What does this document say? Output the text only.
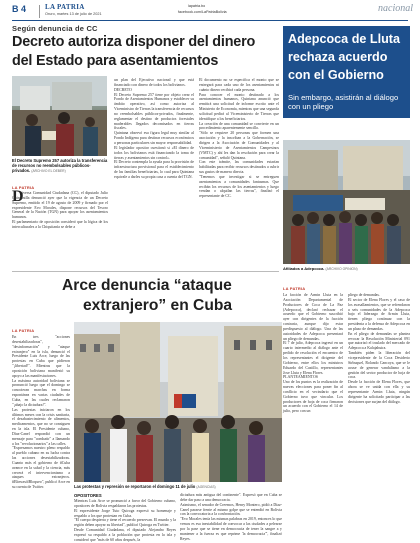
B 4	LA PATRIA
Oruro, martes 13 de julio de 2021
lapatria.bo
facebook.com/LaPatriaBolivia	nacional
Según denuncia de CC
Decreto autoriza disponer del dinero
del Estado para asentamientos
El Decreto Supremo 257 autoriza la transferencia de recursos no reembolsables públicos-privados. (ARCHIVO EL DEBER)
LA PATRIA
D
iversa Comunidad Ciudadana (CC), el diputado Julio Quintanilla denunció ayer que la vigencia de un Decreto Supremo, emitido el 19 de agosto de 2009 y firmado por el expresidente Evo Morales, dispone recursos del Tesoro General de la Nación (TGN) para apoyar los asentamientos humanos.
El parlamentario de oposición consideró que la lógica de los interculturales a la Chiquitanía se debe a
un plan del Ejecutivo nacional y que está financiado con dinero de todos los bolivianos.
DECRETO
El Decreto Supremo 257 tiene por objeto crear el Fondo de Asentamientos Humanos y establecer su ámbito operativo, así como autoriza al Viceministro de Tierras la transferencia de recursos no reembolsables públicos-privados, finalmente, reglamentar el destino de productos forestales maderables llegados decomisados en tierras fiscales.
Quintana observó esa figura legal muy similar al Fondo Indígena para destinar recursos económicos a personas particulares sin mayor responsabilidad.
El legislador opositor cuestionó si «El dinero de todos los bolivianos está financiando la toma de tierras y asentamientos sin control».
El Decreto contempla la ayuda para la provisión de infraestructura provisional para el establecimiento de las familias beneficiarias, lo cual para Quintana equivale a darles su propia casa a cuenta del TGN.
El documento no se especifica el monto que se entregará para cada uno de los asentamientos ni cuánto dinero recibirá cada persona.
Para conocer el monto destinado a los asentamientos humanos, Quintana anunció que remitirá una solicitud de informe escrito ante el Ministerio de Economía, mientras que una segunda solicitud pedirá al Viceministerio de Tierras que identifique a los beneficiarios.
La creación de una comunidad se convierte en un procedimiento aparentemente sencillo.
"Sólo se requiere 20 personas que formen una asociación y la inscriban a la Gobernación, se dirigen a la Asociación de Comunidades y al Viceministerio de Asentamientos Campesinos (VMTC) y ahí les dan la resolución para crear la comunidad", señaló Quintana.
Con este trámite, las comunidades estarían habilitadas para recibir recursos destinados a cubrir sus gastos de manera directa.
"Tenemos que investigar si se entreguen asentamientos a comunidades fantasmas. Que recibán los recursos de los asentamientos y luego vendan o alquilan las tierras", finalizó el representante de CC.
Adepcoca de Lluta
rechaza acuerdo
con el Gobierno
Sin embargo, asistirán al diálogo con un pliego
Afiliados a Adepcoca. (ARCHIVO OPINION)
LA PATRIA
La facción de Armin Lluta en la Asociación Departamental de Productores de Coca de La Paz (Adepcoca), declaró rechazar el acuerdo que el Gobierno suscribió ayer con dirigentes de la facción contraria, aunque dijo estar predispuesto al diálogo. Una de las autoridades de Adepcoca presentará un pliego de demandas.
El 7 de julio, Adepcoca ingresó en un cuarto intermedio al diálogo ante el pedido de resolución el encuentro de los representantes el dirigente del Gobierno, entre ellos los ministros Eduardo del Castillo, representantes Jose Lluta y Elena Flores.
PLANTEAMIENTOS
Uno de los puntos es la realización de nuevas elecciones para poner fin al conflicto en el vecindario que el Gobierno tuvo que vincular. Los productores de hoja de coca firmaron un acuerdo con el Gobierno el 14 de julio, pero con un
pliego de demandas.
El sector de Elena Flores y el caso de los avasallamientos, que se refrendaron a seis comunidades de la Adepcoca bajo el liderazgo de Armin Lluta, tienen pliego continuar con la presidenta a la defensa de Adepcoca en un plazo de demandas.
En el pliego de demandas se plantea revocar la Resolución Ministerial 091 que autorizó el traslado del mercado de Adepcoca a Kalajahuira.
También piden la liberación del vicepresidente de la Coca Desiderio Sirbuquel, Rolando Cancoya, que se le acuse de generar vandalismo a la gestión del sector productor de hoja de coca.
Desde la facción de Elena Flores, que ahora se ve unida con ella y su representante Armin Lluta, ningún dirigente ha solicitado participar a las decisiones que surjan del diálogo.
Arce denuncia “ataque
extranjero” en Cuba
LA PATRIA
En tres "acciones desestabilizadoras", "desinformación" y "ataque extranjero" en la isla, denunció el Presidente Luis Arce, luego de las protestas en Cuba que pidieron "¡libertad!". Mientras que la oposición boliviana manifestó su apoyo a las manifestaciones.
La máxima autoridad boliviana se pronunció luego que el domingo se conocieran marchas en forma espontánea en varias ciudades de Cuba, en las cuales reclamaron "¡abajo la dictadura!".
Las protestas iniciaron en los últimos meses con la crisis sanitaria, el desabastecimiento de alimentos, medicamentos, que no se consiguen en la isla. El Presidente cubano, Díaz-Canel respondió con un mensaje para "combatir" a llamando a los "revolucionarios" a las calles.
"Expresamos nuestro pleno respaldo al pueblo cubano en su lucha contra las acciones desestabilizadoras. Cuanto más el gobierno de #Cuba avance en la salud y la ciencia, más crecerá el intervencionismo a ataques extranjeros. #ElinvasólBloqueo", publicó Arce en su cuenta de Twitter.	Las protestas y represión se reportaron el domingo 11 de julio (AGENCIAS)
OPOSITORES
Mientras Luis Arce se pronunció a favor del Gobierno cubano, opositores de Bolivia respaldaron las protestas.
El expresidente Jorge Tuto Quiroga expresó su homenaje y respaldo a los que protestan en Cuba.
"El cuerpo despierta y tiene el recuerdo preservan. El mundo y la región deben apoyar su libertad", publicó Quiroga en Twitter.
Desde Comunidad Ciudadana, el diputado Alejandro Reyes expresó su respaldo a la población que protesta en la isla y consideró que "más de 60 años después, la
dictadura más antigua del continente". Expresó que en Cuba se debe dar paso a una democracia.
Asimismo, el senador de Creemos, Henry Montero, pidió a Díaz-Canel pararse frente al mismo golpe que se entendió en Bolivia con la convocatoria a la confrontación.
"Evo Morales tenía las mismas palabras en 2019, entonces lo que vemos es esa inestabilidad de convocar a las ciudades a pelearse por la pase que se tiene en democracia de tener la sangre a y mantener a la fuerza es que reprime 'la democracia'", finalizó Reyes.
